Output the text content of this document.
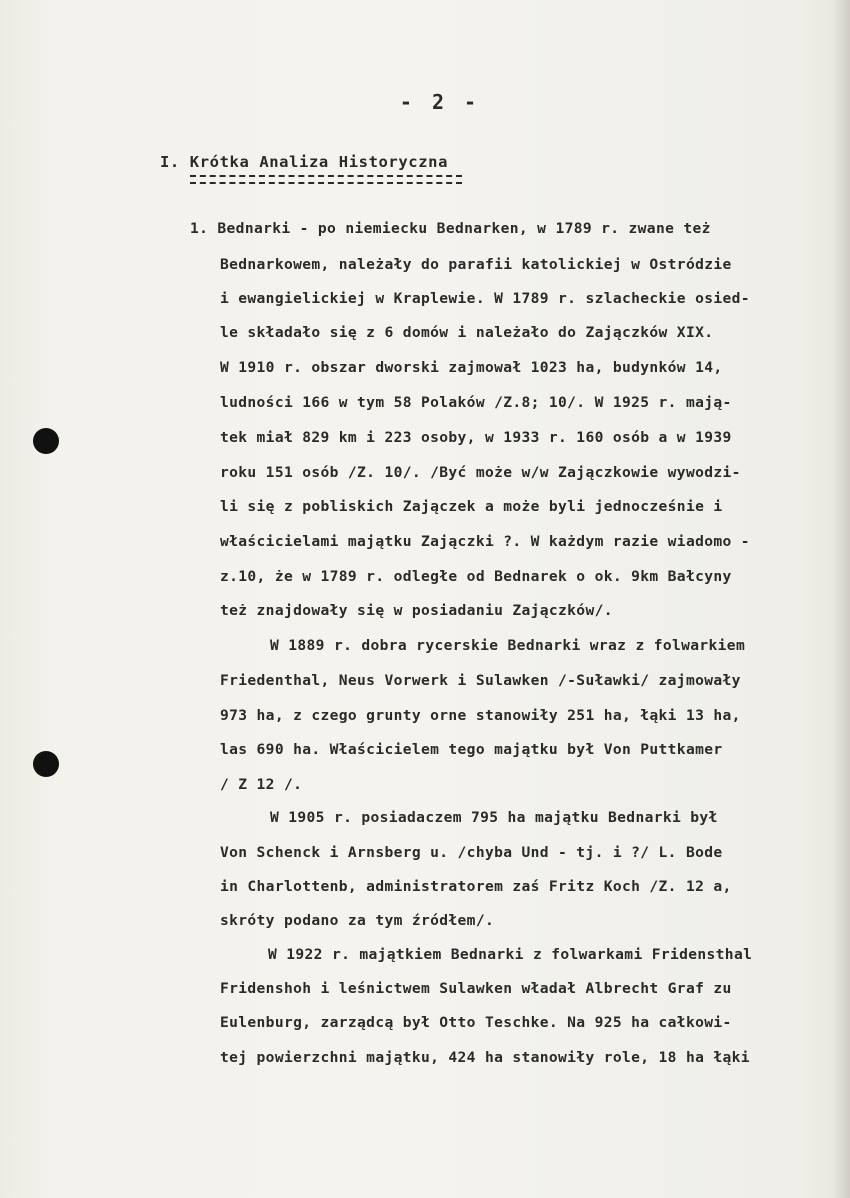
- 2 -
I. Krótka Analiza Historyczna
1. Bednarki - po niemiecku Bednarken, w 1789 r. zwane też
Bednarkowem, należały do parafii katolickiej w Ostródzie
i ewangielickiej w Kraplewie. W 1789 r. szlacheckie osied-
le składało się z 6 domów i należało do Zajączków XIX.
W 1910 r. obszar dworski zajmował 1023 ha, budynków 14,
ludności 166 w tym 58 Polaków /Z.8; 10/. W 1925 r. mają-
tek miał 829 km i 223 osoby, w 1933 r. 160 osób a w 1939
roku 151 osób /Z. 10/. /Być może w/w Zajączkowie wywodzi-
li się z pobliskich Zajączek a może byli jednocześnie i
właścicielami majątku Zajączki ?. W każdym razie wiadomo -
z.10, że w 1789 r. odległe od Bednarek o ok. 9km Bałcyny
też znajdowały się w posiadaniu Zajączków/.
W 1889 r. dobra rycerskie Bednarki wraz z folwarkiem
Friedenthal, Neus Vorwerk i Sulawken /-Suławki/ zajmowały
973 ha, z czego grunty orne stanowiły 251 ha, łąki 13 ha,
las 690 ha. Właścicielem tego majątku był Von Puttkamer
/ Z 12 /.
W 1905 r. posiadaczem 795 ha majątku Bednarki był
Von Schenck i Arnsberg u. /chyba Und - tj. i ?/ L. Bode
in Charlottenb, administratorem zaś Fritz Koch /Z. 12 a,
skróty podano za tym źródłem/.
W 1922 r. majątkiem Bednarki z folwarkami Fridensthal
Fridenshoh i leśnictwem Sulawken władał Albrecht Graf zu
Eulenburg, zarządcą był Otto Teschke. Na 925 ha całkowi-
tej powierzchni majątku, 424 ha stanowiły role, 18 ha łąki
